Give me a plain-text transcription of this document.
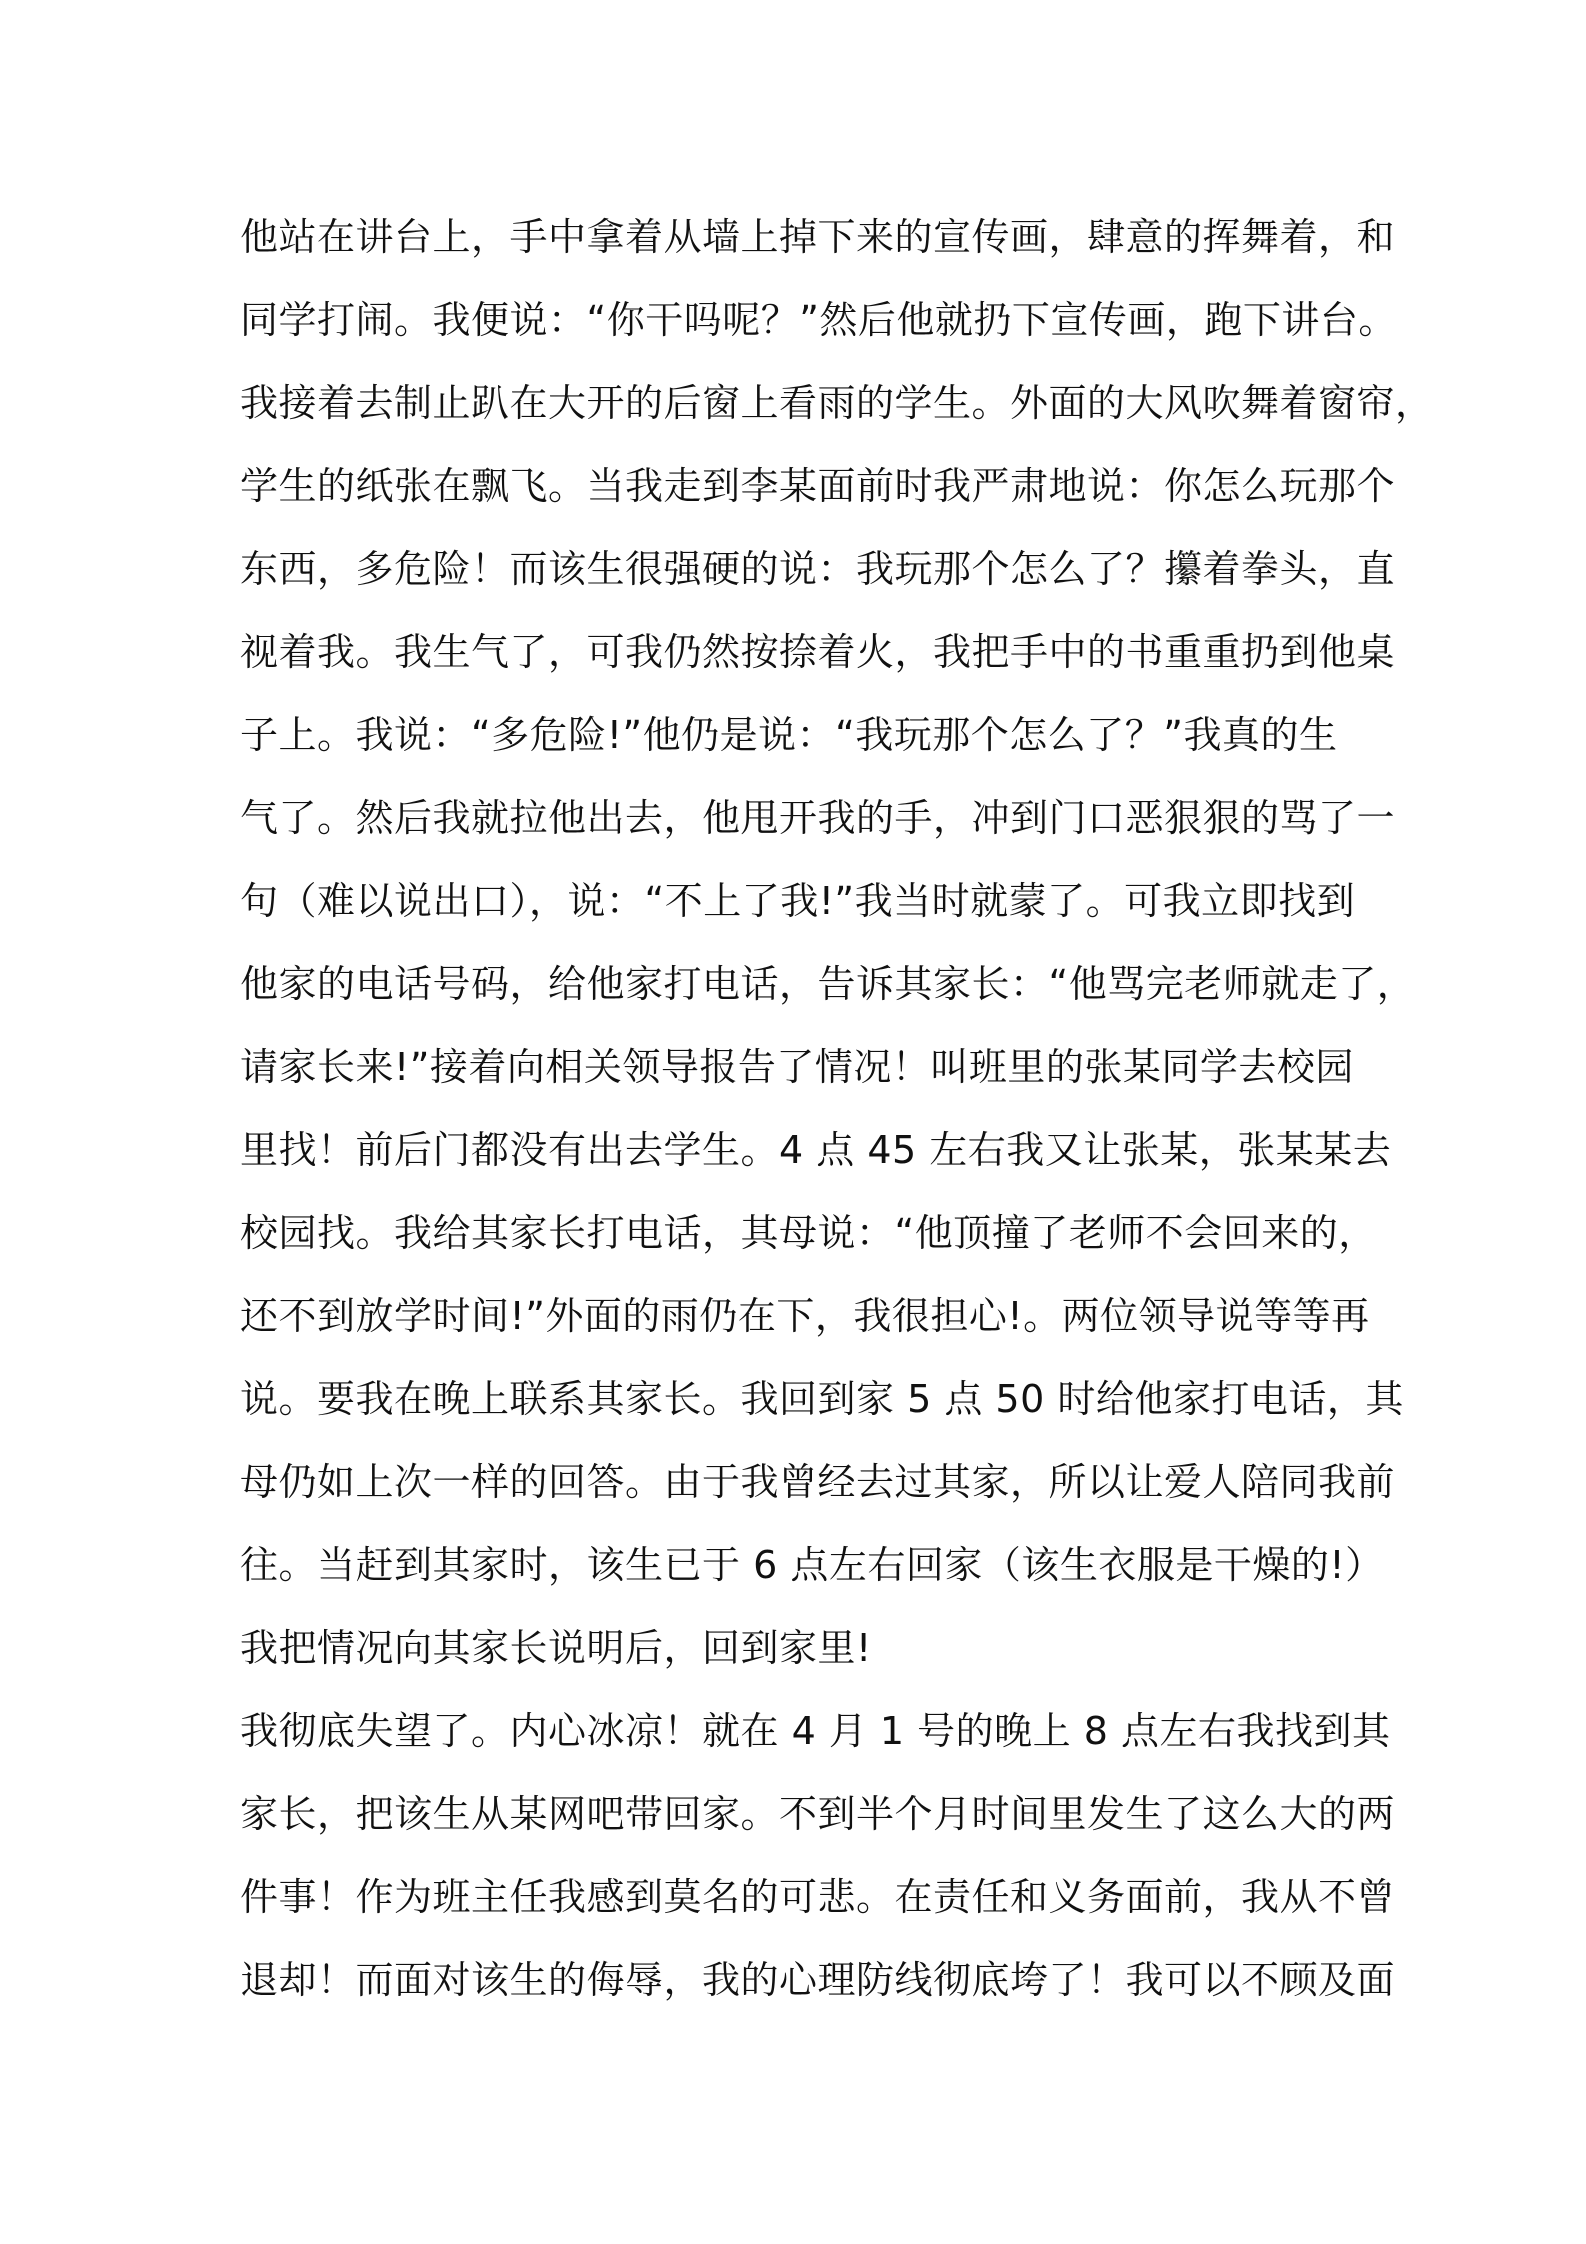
他站在讲台上，手中拿着从墙上掉下来的宣传画，肆意的挥舞着，和
同学打闹。我便说：“你干吗呢？”然后他就扔下宣传画，跑下讲台。
我接着去制止趴在大开的后窗上看雨的学生。外面的大风吹舞着窗帘，
学生的纸张在飘飞。当我走到李某面前时我严肃地说：你怎么玩那个
东西，多危险！而该生很强硬的说：我玩那个怎么了？攥着拳头，直
视着我。我生气了，可我仍然按捺着火，我把手中的书重重扔到他桌
子上。我说：“多危险!”他仍是说：“我玩那个怎么了？”我真的生
气了。然后我就拉他出去，他甩开我的手，冲到门口恶狠狠的骂了一
句（难以说出口），说：“不上了我!”我当时就蒙了。可我立即找到
他家的电话号码，给他家打电话，告诉其家长：“他骂完老师就走了，
请家长来!”接着向相关领导报告了情况！叫班里的张某同学去校园
里找！前后门都没有出去学生。4 点 45 左右我又让张某，张某某去
校园找。我给其家长打电话，其母说：“他顶撞了老师不会回来的，
还不到放学时间!”外面的雨仍在下，我很担心!。两位领导说等等再
说。要我在晚上联系其家长。我回到家 5 点 50 时给他家打电话，其
母仍如上次一样的回答。由于我曾经去过其家，所以让爱人陪同我前
往。当赶到其家时，该生已于 6 点左右回家（该生衣服是干燥的!）
我把情况向其家长说明后，回到家里!
我彻底失望了。内心冰凉！就在 4 月 1 号的晚上 8 点左右我找到其
家长，把该生从某网吧带回家。不到半个月时间里发生了这么大的两
件事！作为班主任我感到莫名的可悲。在责任和义务面前，我从不曾
退却！而面对该生的侮辱，我的心理防线彻底垮了！我可以不顾及面
